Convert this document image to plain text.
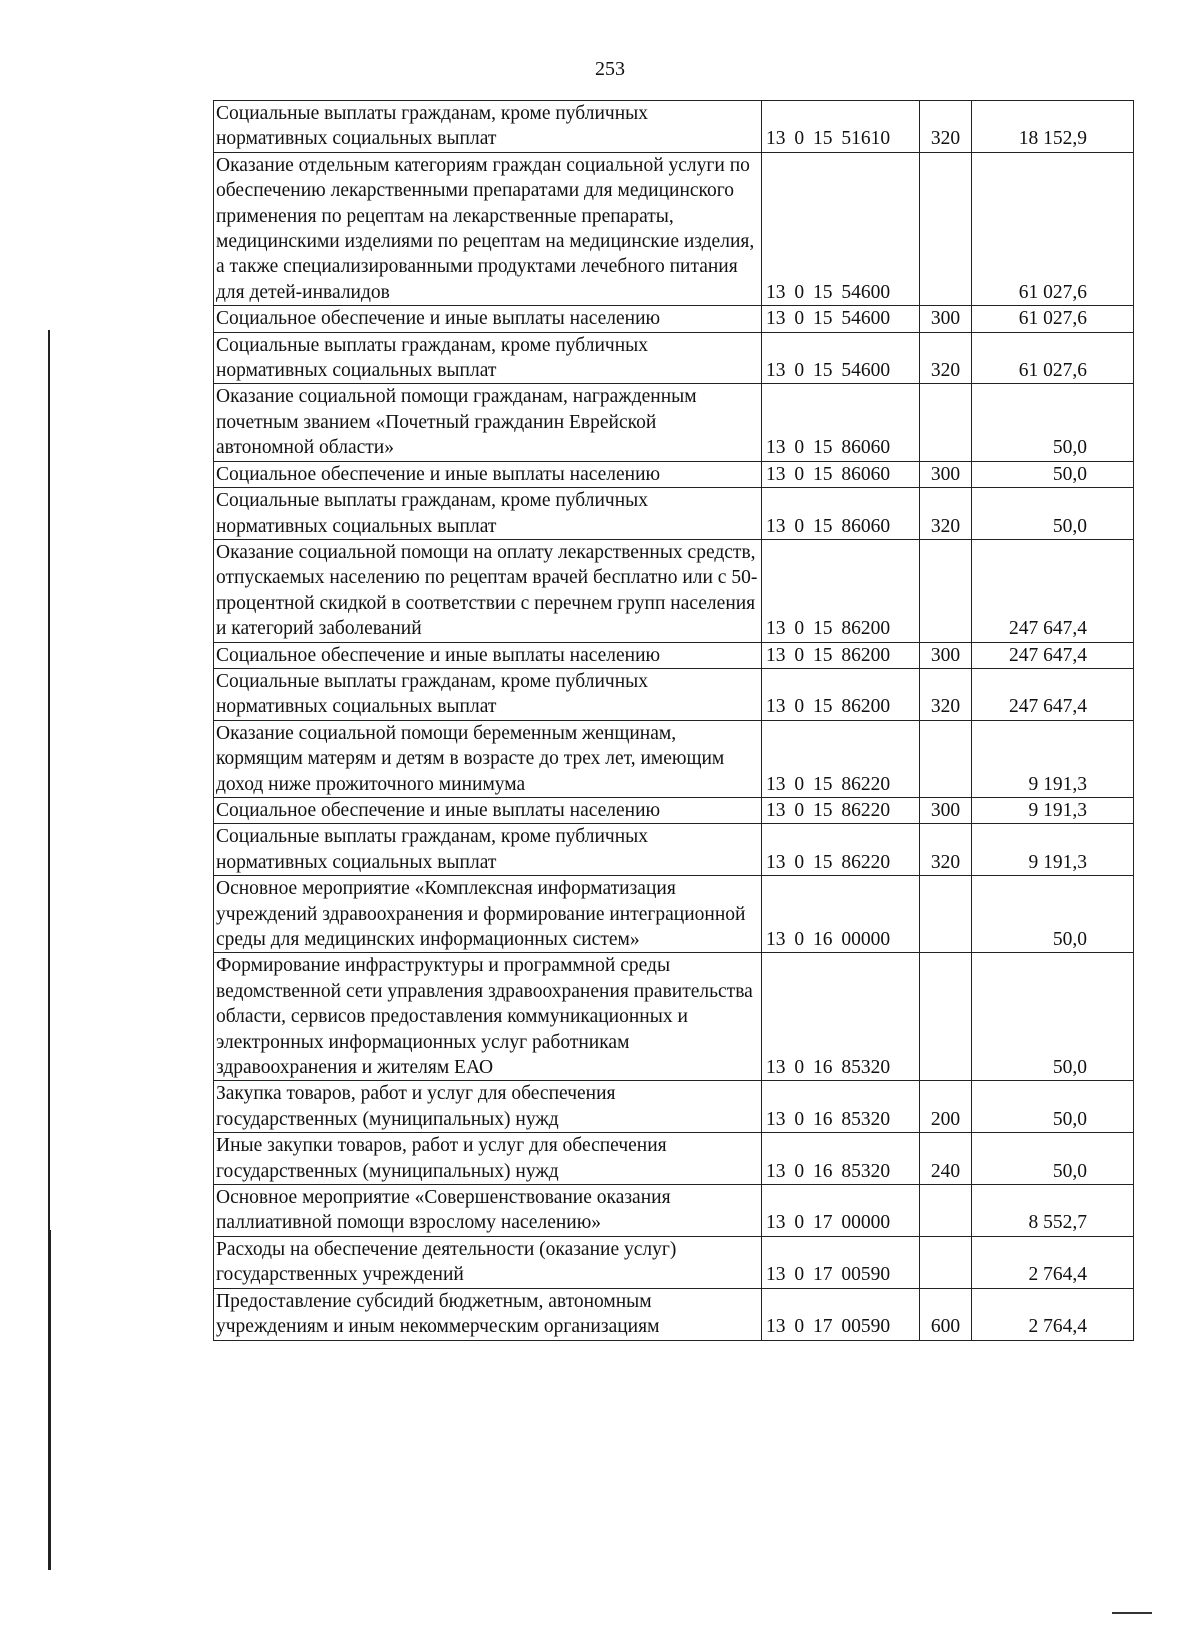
253
Социальные выплаты гражданам, кроме публичных нормативных социальных выплат	13 0 15 51610	320	18 152,9
Оказание отдельным категориям граждан социальной услуги по обеспечению лекарственными препаратами для медицинского применения по рецептам на лекарственные препараты, медицинскими изделиями по рецептам на медицинские изделия, а также специализированными продуктами лечебного питания для детей-инвалидов	13 0 15 54600		61 027,6
Социальное обеспечение и иные выплаты населению	13 0 15 54600	300	61 027,6
Социальные выплаты гражданам, кроме публичных нормативных социальных выплат	13 0 15 54600	320	61 027,6
Оказание социальной помощи гражданам, награжденным почетным званием «Почетный гражданин Еврейской автономной области»	13 0 15 86060		50,0
Социальное обеспечение и иные выплаты населению	13 0 15 86060	300	50,0
Социальные выплаты гражданам, кроме публичных нормативных социальных выплат	13 0 15 86060	320	50,0
Оказание социальной помощи на оплату лекарственных средств, отпускаемых населению по рецептам врачей бесплатно или с 50-процентной скидкой в соответствии с перечнем групп населения и категорий заболеваний	13 0 15 86200		247 647,4
Социальное обеспечение и иные выплаты населению	13 0 15 86200	300	247 647,4
Социальные выплаты гражданам, кроме публичных нормативных социальных выплат	13 0 15 86200	320	247 647,4
Оказание социальной помощи беременным женщинам, кормящим матерям и детям в возрасте до трех лет, имеющим доход ниже прожиточного минимума	13 0 15 86220		9 191,3
Социальное обеспечение и иные выплаты населению	13 0 15 86220	300	9 191,3
Социальные выплаты гражданам, кроме публичных нормативных социальных выплат	13 0 15 86220	320	9 191,3
Основное мероприятие «Комплексная информатизация учреждений здравоохранения и формирование интеграционной среды для медицинских информационных систем»	13 0 16 00000		50,0
Формирование инфраструктуры и программной среды ведомственной сети управления здравоохранения правительства области, сервисов предоставления коммуникационных и электронных информационных услуг работникам здравоохранения и жителям ЕАО	13 0 16 85320		50,0
Закупка товаров, работ и услуг для обеспечения государственных (муниципальных) нужд	13 0 16 85320	200	50,0
Иные закупки товаров, работ и услуг для обеспечения государственных (муниципальных) нужд	13 0 16 85320	240	50,0
Основное мероприятие «Совершенствование оказания паллиативной помощи взрослому населению»	13 0 17 00000		8 552,7
Расходы на обеспечение деятельности (оказание услуг) государственных учреждений	13 0 17 00590		2 764,4
Предоставление субсидий бюджетным, автономным учреждениям и иным некоммерческим организациям	13 0 17 00590	600	2 764,4
